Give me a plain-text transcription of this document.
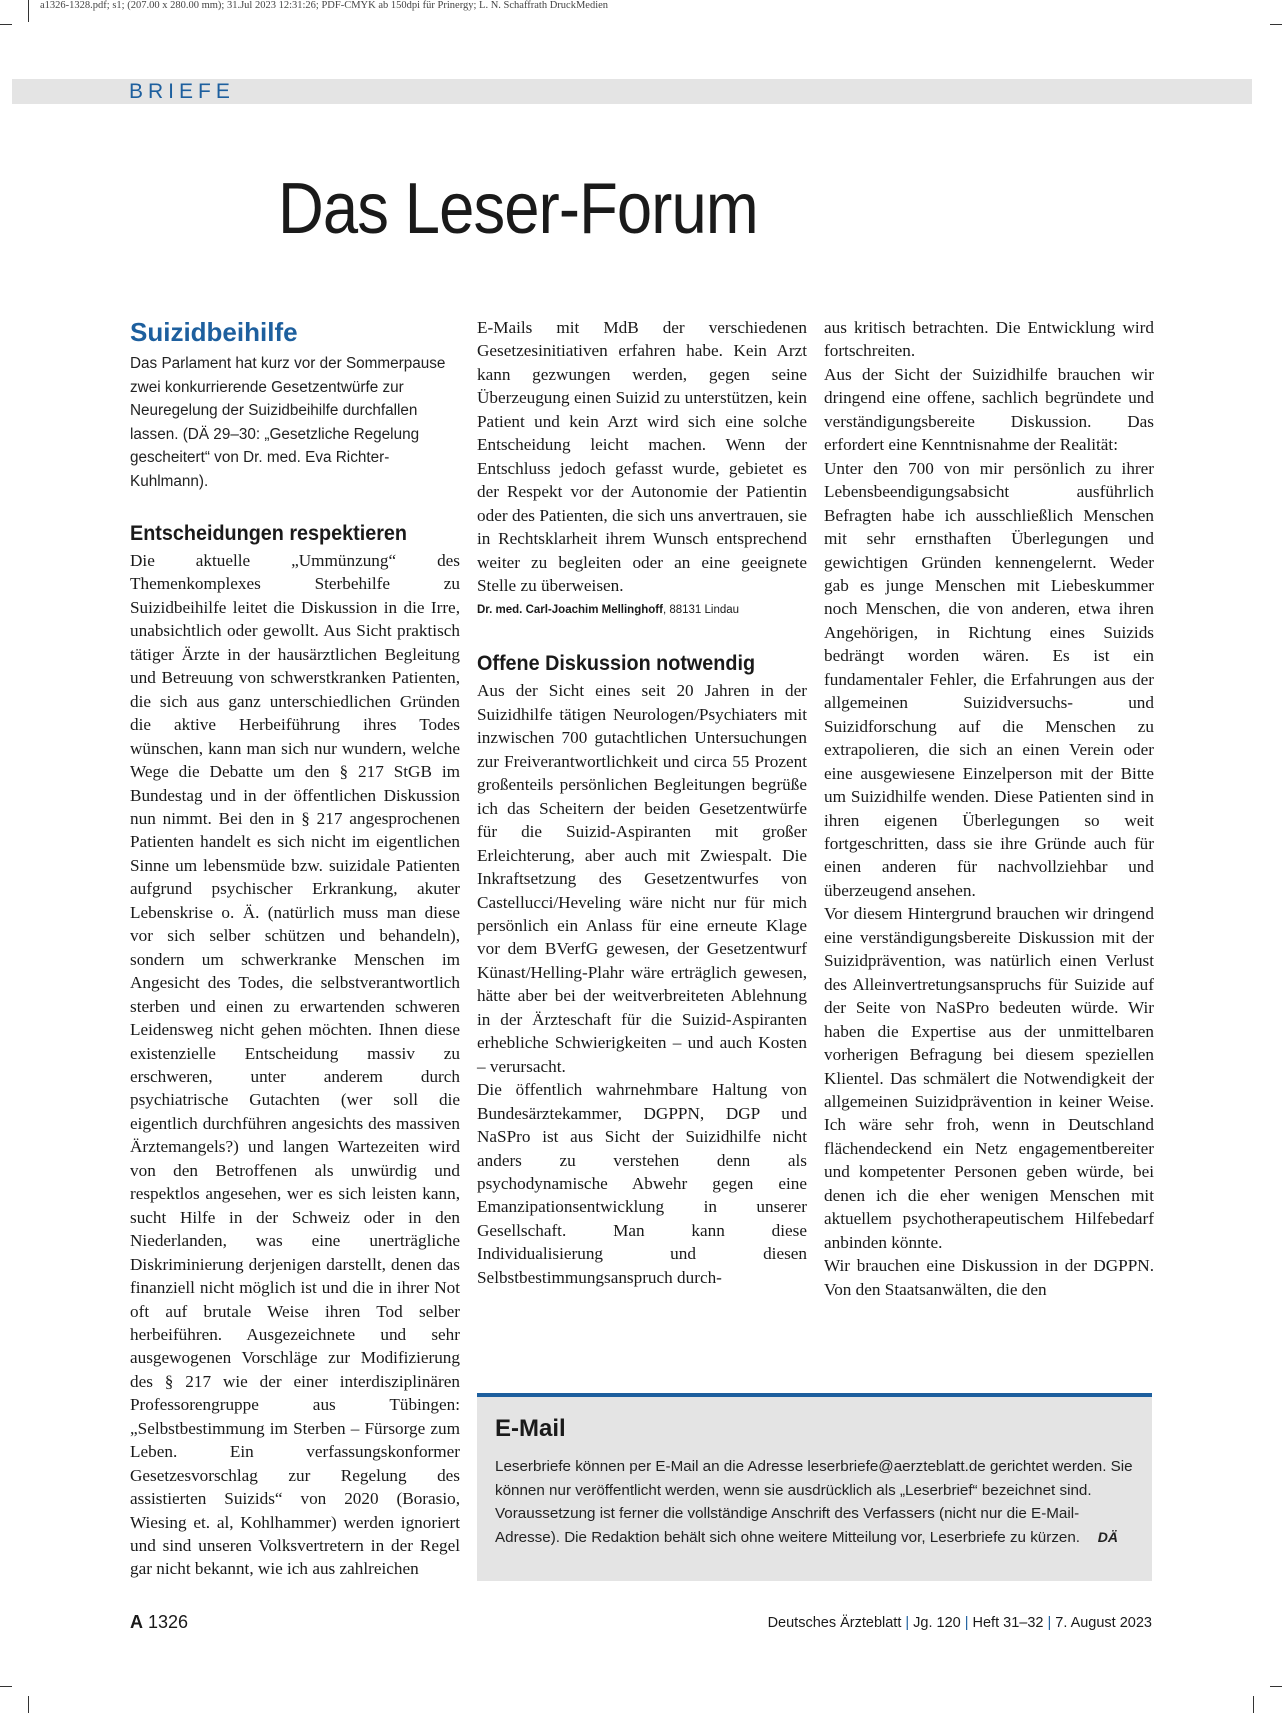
a1326-1328.pdf; s1; (207.00 x 280.00 mm); 31.Jul 2023 12:31:26; PDF-CMYK ab 150dpi für Prinergy; L. N. Schaffrath DruckMedien
BRIEFE
Das Leser-Forum
Suizidbeihilfe

Das Parlament hat kurz vor der Sommerpause zwei konkurrierende Gesetzentwürfe zur Neuregelung der Suizidbeihilfe durchfallen lassen. (DÄ 29–30: „Gesetzliche Regelung gescheitert“ von Dr. med. Eva Richter-Kuhlmann).

Entscheidungen respektieren

Die aktuelle „Ummünzung“ des Themenkomplexes Sterbehilfe zu Suizidbeihilfe leitet die Diskussion in die Irre, unabsichtlich oder gewollt. Aus Sicht praktisch tätiger Ärzte in der hausärztlichen Begleitung und Betreuung von schwerstkranken Patienten, die sich aus ganz unterschiedlichen Gründen die aktive Herbeiführung ihres Todes wünschen, kann man sich nur wundern, welche Wege die Debatte um den § 217 StGB im Bundestag und in der öffentlichen Diskussion nun nimmt. Bei den in § 217 angesprochenen Patienten handelt es sich nicht im eigentlichen Sinne um lebensmüde bzw. suizidale Patienten aufgrund psychischer Erkrankung, akuter Lebenskrise o. Ä. (natürlich muss man diese vor sich selber schützen und behandeln), sondern um schwerkranke Menschen im Angesicht des Todes, die selbstverantwortlich sterben und einen zu erwartenden schweren Leidensweg nicht gehen möchten. Ihnen diese existenzielle Entscheidung massiv zu erschweren, unter anderem durch psychiatrische Gutachten (wer soll die eigentlich durchführen angesichts des massiven Ärztemangels?) und langen Wartezeiten wird von den Betroffenen als unwürdig und respektlos angesehen, wer es sich leisten kann, sucht Hilfe in der Schweiz oder in den Niederlanden, was eine unerträgliche Diskriminierung derjenigen darstellt, denen das finanziell nicht möglich ist und die in ihrer Not oft auf brutale Weise ihren Tod selber herbeiführen. Ausgezeichnete und sehr ausgewogenen Vorschläge zur Modifizierung des § 217 wie der einer interdisziplinären Professorengruppe aus Tübingen: „Selbstbestimmung im Sterben – Fürsorge zum Leben. Ein verfassungskonformer Gesetzesvorschlag zur Regelung des assistierten Suizids“ von 2020 (Borasio, Wiesing et. al, Kohlhammer) werden ignoriert und sind unseren Volksvertretern in der Regel gar nicht bekannt, wie ich aus zahlreichen

E-Mails mit MdB der verschiedenen Gesetzesinitiativen erfahren habe. Kein Arzt kann gezwungen werden, gegen seine Überzeugung einen Suizid zu unterstützen, kein Patient und kein Arzt wird sich eine solche Entscheidung leicht machen. Wenn der Entschluss jedoch gefasst wurde, gebietet es der Respekt vor der Autonomie der Patientin oder des Patienten, die sich uns anvertrauen, sie in Rechtsklarheit ihrem Wunsch entsprechend weiter zu begleiten oder an eine geeignete Stelle zu überweisen.

Dr. med. Carl-Joachim Mellinghoff, 88131 Lindau

Offene Diskussion notwendig

Aus der Sicht eines seit 20 Jahren in der Suizidhilfe tätigen Neurologen/Psychiaters mit inzwischen 700 gutachtlichen Untersuchungen zur Freiverantwortlichkeit und circa 55 Prozent großenteils persönlichen Begleitungen begrüße ich das Scheitern der beiden Gesetzentwürfe für die Suizid-Aspiranten mit großer Erleichterung, aber auch mit Zwiespalt. Die Inkraftsetzung des Gesetzentwurfes von Castellucci/Heveling wäre nicht nur für mich persönlich ein Anlass für eine erneute Klage vor dem BVerfG gewesen, der Gesetzentwurf Künast/Helling-Plahr wäre erträglich gewesen, hätte aber bei der weitverbreiteten Ablehnung in der Ärzteschaft für die Suizid-Aspiranten erhebliche Schwierigkeiten – und auch Kosten – verursacht.

Die öffentlich wahrnehmbare Haltung von Bundesärztekammer, DGPPN, DGP und NaSPro ist aus Sicht der Suizidhilfe nicht anders zu verstehen denn als psychodynamische Abwehr gegen eine Emanzipationsentwicklung in unserer Gesellschaft. Man kann diese Individualisierung und diesen Selbstbestimmungsanspruch durch-

aus kritisch betrachten. Die Entwicklung wird fortschreiten.

Aus der Sicht der Suizidhilfe brauchen wir dringend eine offene, sachlich begründete und verständigungsbereite Diskussion. Das erfordert eine Kenntnisnahme der Realität:

Unter den 700 von mir persönlich zu ihrer Lebensbeendigungsabsicht ausführlich Befragten habe ich ausschließlich Menschen mit sehr ernsthaften Überlegungen und gewichtigen Gründen kennengelernt. Weder gab es junge Menschen mit Liebeskummer noch Menschen, die von anderen, etwa ihren Angehörigen, in Richtung eines Suizids bedrängt worden wären. Es ist ein fundamentaler Fehler, die Erfahrungen aus der allgemeinen Suizidversuchs- und Suizidforschung auf die Menschen zu extrapolieren, die sich an einen Verein oder eine ausgewiesene Einzelperson mit der Bitte um Suizidhilfe wenden. Diese Patienten sind in ihren eigenen Überlegungen so weit fortgeschritten, dass sie ihre Gründe auch für einen anderen für nachvollziehbar und überzeugend ansehen.

Vor diesem Hintergrund brauchen wir dringend eine verständigungsbereite Diskussion mit der Suizidprävention, was natürlich einen Verlust des Alleinvertretungsanspruchs für Suizide auf der Seite von NaSPro bedeuten würde. Wir haben die Expertise aus der unmittelbaren vorherigen Befragung bei diesem speziellen Klientel. Das schmälert die Notwendigkeit der allgemeinen Suizidprävention in keiner Weise. Ich wäre sehr froh, wenn in Deutschland flächendeckend ein Netz engagementbereiter und kompetenter Personen geben würde, bei denen ich die eher wenigen Menschen mit aktuellem psychotherapeutischem Hilfebedarf anbinden könnte.

Wir brauchen eine Diskussion in der DGPPN. Von den Staatsanwälten, die den

E-Mail

Leserbriefe können per E-Mail an die Adresse leserbriefe@aerzteblatt.de gerichtet werden. Sie können nur veröffentlicht werden, wenn sie ausdrücklich als „Leserbrief“ bezeichnet sind. Voraussetzung ist ferner die vollständige Anschrift des Verfassers (nicht nur die E-Mail-Adresse). Die Redaktion behält sich ohne weitere Mitteilung vor, Leserbriefe zu kürzen. DÄ

A 1326	Deutsches Ärzteblatt | Jg. 120 | Heft 31–32 | 7. August 2023
